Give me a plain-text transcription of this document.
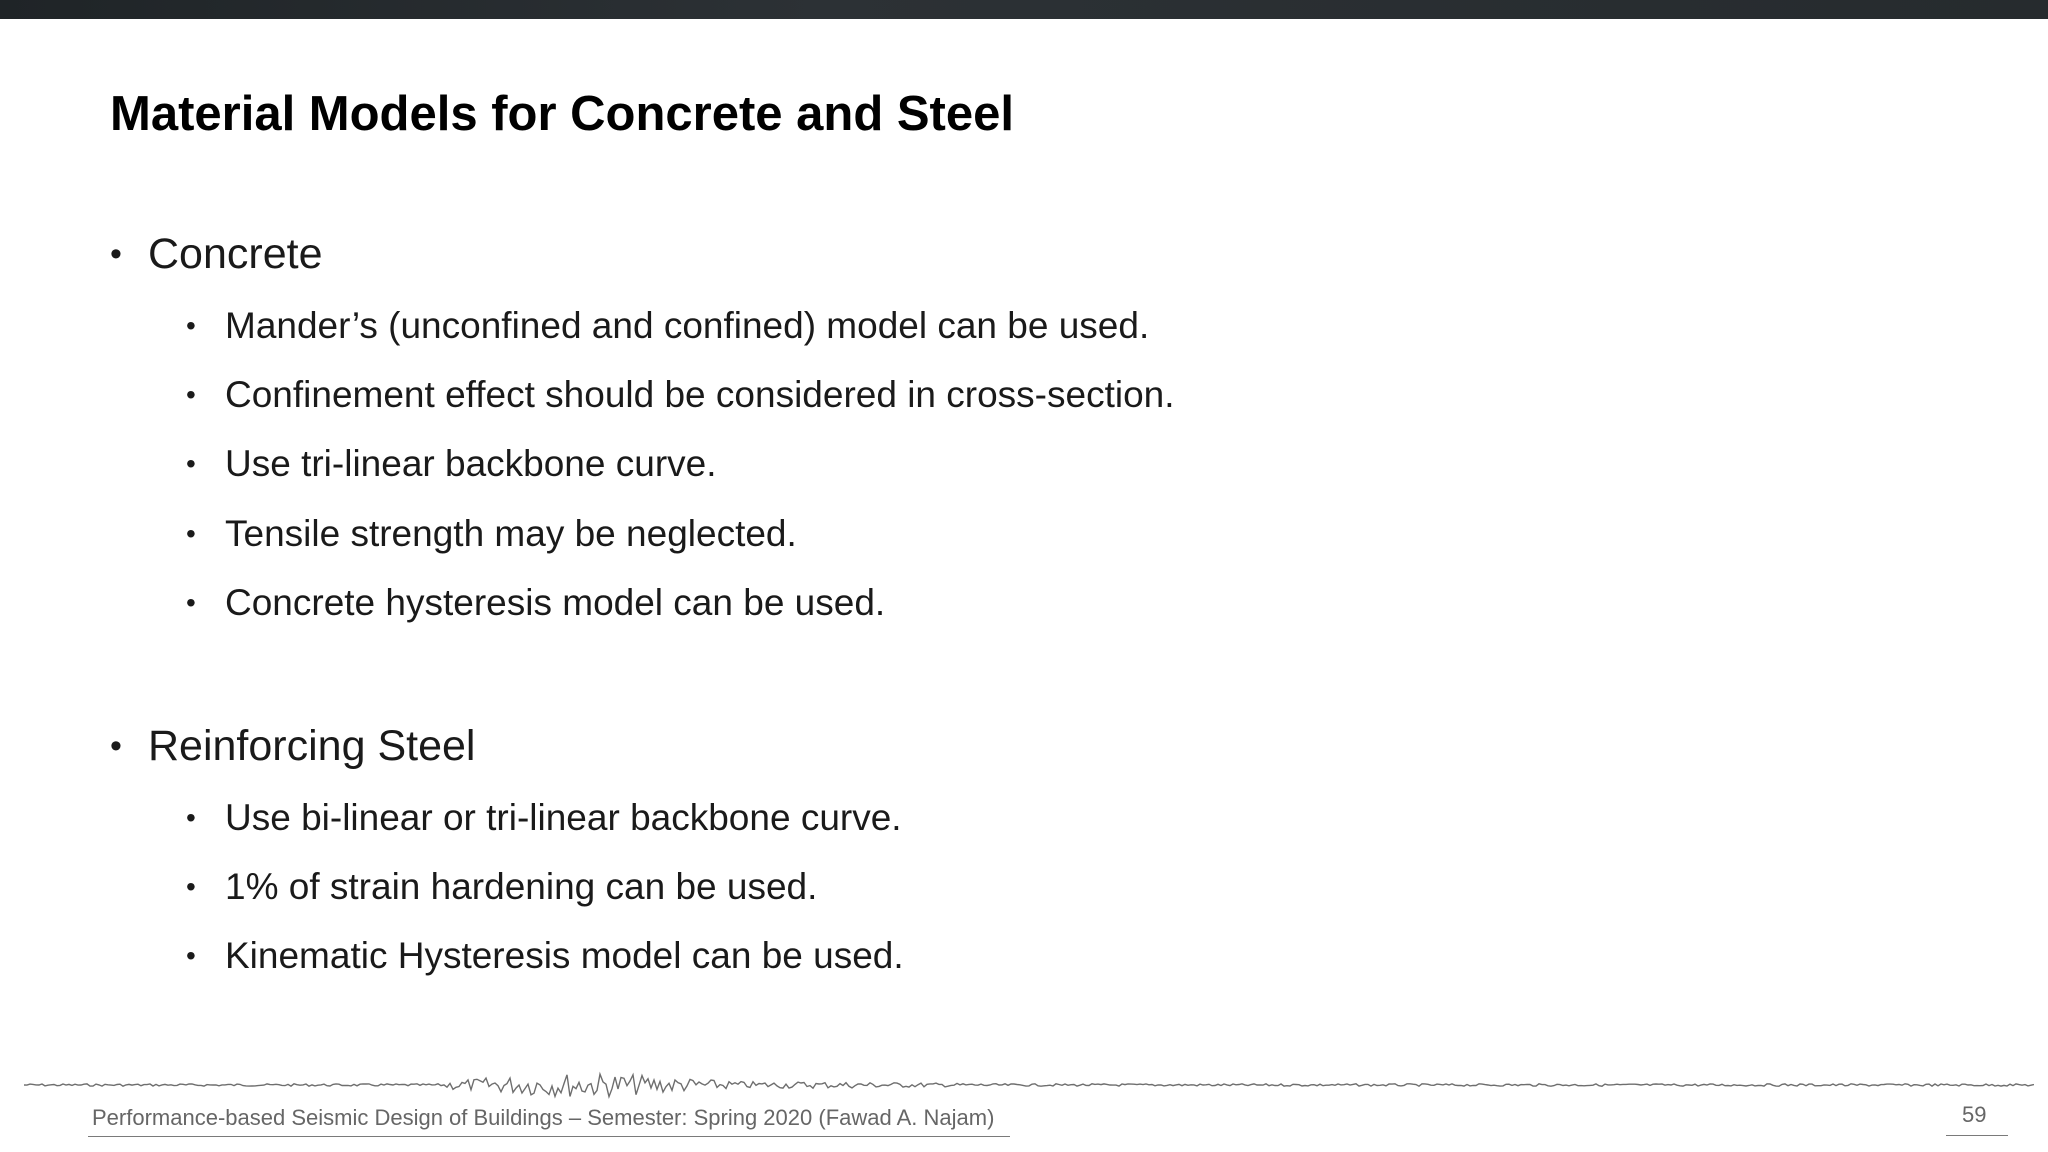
Material Models for Concrete and Steel
• Concrete
• Mander’s (unconfined and confined) model can be used.
• Confinement effect should be considered in cross-section.
• Use tri-linear backbone curve.
• Tensile strength may be neglected.
• Concrete hysteresis model can be used.
• Reinforcing Steel
• Use bi-linear or tri-linear backbone curve.
• 1% of strain hardening can be used.
• Kinematic Hysteresis model can be used.
Performance-based Seismic Design of Buildings – Semester: Spring 2020 (Fawad A. Najam)	59
